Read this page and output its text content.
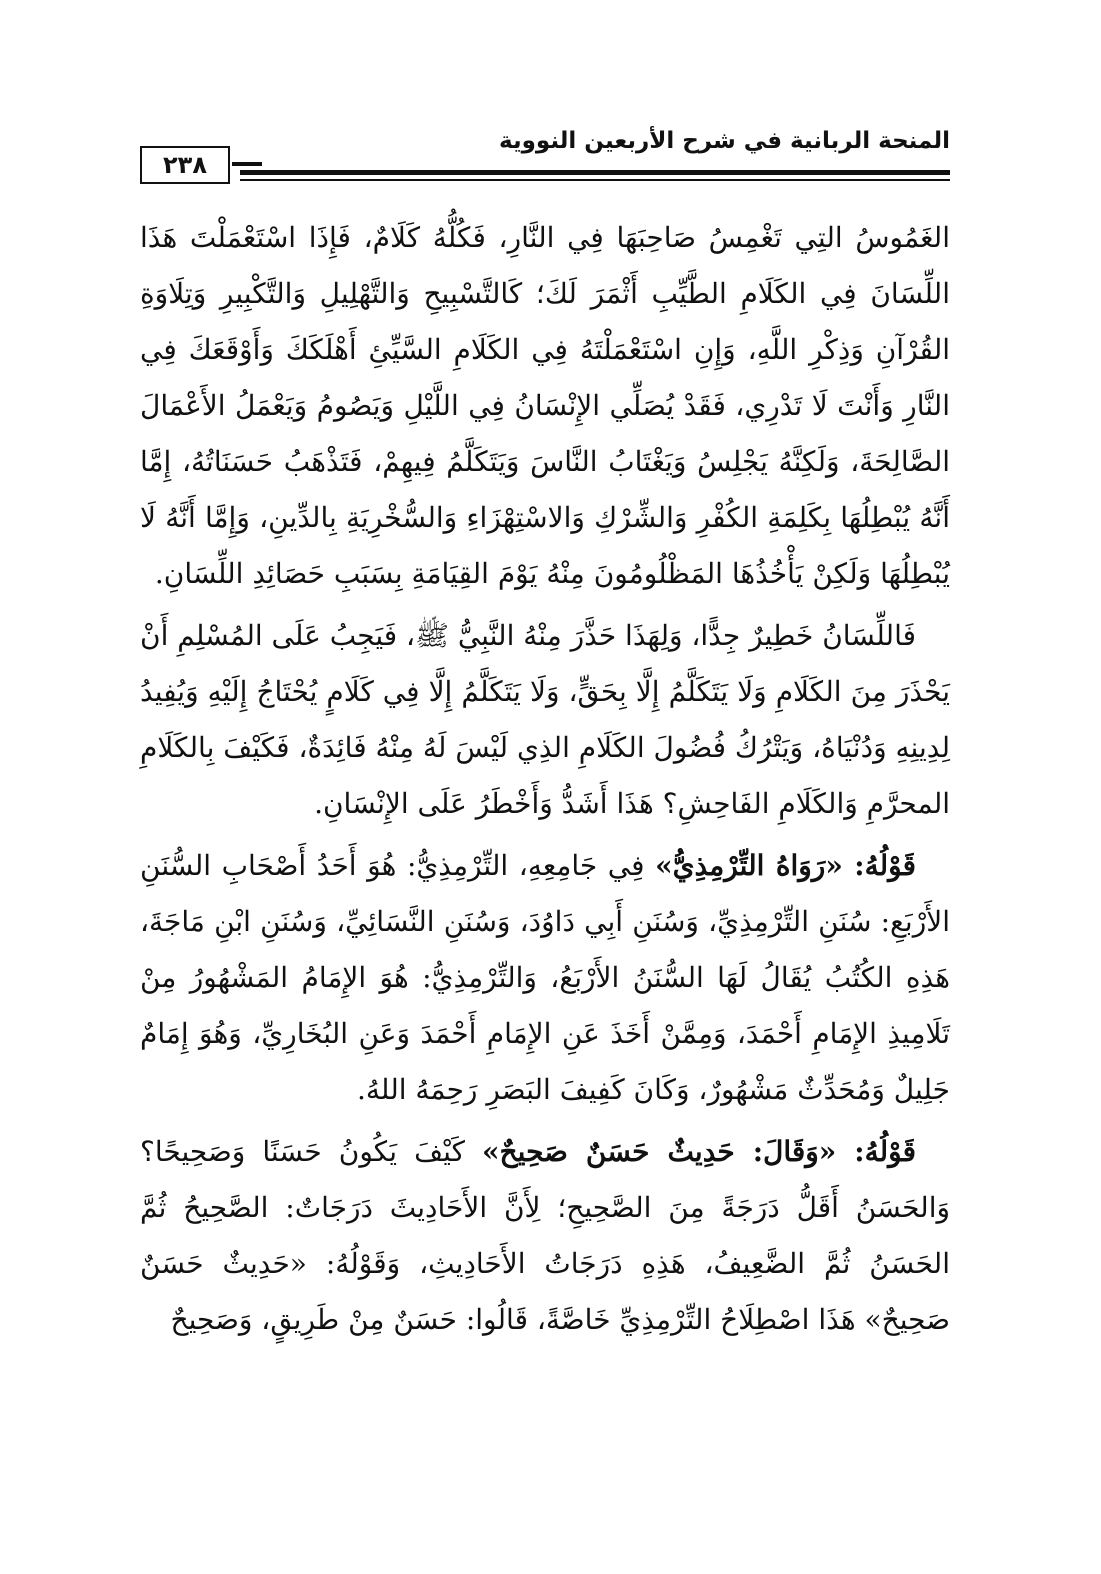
المنحة الربانية في شرح الأربعين النووية
٢٣٨

الغَمُوسُ التِي تَغْمِسُ صَاحِبَهَا فِي النَّارِ، فَكُلُّهُ كَلَامٌ، فَإِذَا اسْتَعْمَلْتَ هَذَا اللِّسَانَ فِي الكَلَامِ الطَّيِّبِ أَثْمَرَ لَكَ؛ كَالتَّسْبِيحِ وَالتَّهْلِيلِ وَالتَّكْبِيرِ وَتِلَاوَةِ القُرْآنِ وَذِكْرِ اللَّهِ، وَإِنِ اسْتَعْمَلْتَهُ فِي الكَلَامِ السَّيِّئِ أَهْلَكَكَ وَأَوْقَعَكَ فِي النَّارِ وَأَنْتَ لَا تَدْرِي، فَقَدْ يُصَلِّي الإِنْسَانُ فِي اللَّيْلِ وَيَصُومُ وَيَعْمَلُ الأَعْمَالَ الصَّالِحَةَ، وَلَكِنَّهُ يَجْلِسُ وَيَغْتَابُ النَّاسَ وَيَتَكَلَّمُ فِيهِمْ، فَتَذْهَبُ حَسَنَاتُهُ، إِمَّا أَنَّهُ يُبْطِلُهَا بِكَلِمَةِ الكُفْرِ وَالشِّرْكِ وَالاسْتِهْزَاءِ وَالسُّخْرِيَةِ بِالدِّينِ، وَإِمَّا أَنَّهُ لَا يُبْطِلُهَا وَلَكِنْ يَأْخُذُهَا المَظْلُومُونَ مِنْهُ يَوْمَ القِيَامَةِ بِسَبَبِ حَصَائِدِ اللِّسَانِ.

فَاللِّسَانُ خَطِيرٌ جِدًّا، وَلِهَذَا حَذَّرَ مِنْهُ النَّبِيُّ ﷺ، فَيَجِبُ عَلَى المُسْلِمِ أَنْ يَحْذَرَ مِنَ الكَلَامِ وَلَا يَتَكَلَّمُ إِلَّا بِحَقٍّ، وَلَا يَتَكَلَّمُ إِلَّا فِي كَلَامٍ يُحْتَاجُ إِلَيْهِ وَيُفِيدُ لِدِينِهِ وَدُنْيَاهُ، وَيَتْرُكُ فُضُولَ الكَلَامِ الذِي لَيْسَ لَهُ مِنْهُ فَائِدَةٌ، فَكَيْفَ بِالكَلَامِ المحرَّمِ وَالكَلَامِ الفَاحِشِ؟ هَذَا أَشَدُّ وَأَخْطَرُ عَلَى الإِنْسَانِ.

قَوْلُهُ: «رَوَاهُ التِّرْمِذِيُّ» فِي جَامِعِهِ، التِّرْمِذِيُّ: هُوَ أَحَدُ أَصْحَابِ السُّنَنِ الأَرْبَعِ: سُنَنِ التِّرْمِذِيِّ، وَسُنَنِ أَبِي دَاوُدَ، وَسُنَنِ النَّسَائِيِّ، وَسُنَنِ ابْنِ مَاجَةَ، هَذِهِ الكُتُبُ يُقَالُ لَهَا السُّنَنُ الأَرْبَعُ، وَالتِّرْمِذِيُّ: هُوَ الإِمَامُ المَشْهُورُ مِنْ تَلَامِيذِ الإِمَامِ أَحْمَدَ، وَمِمَّنْ أَخَذَ عَنِ الإِمَامِ أَحْمَدَ وَعَنِ البُخَارِيِّ، وَهُوَ إِمَامٌ جَلِيلٌ وَمُحَدِّثٌ مَشْهُورٌ، وَكَانَ كَفِيفَ البَصَرِ رَحِمَهُ اللهُ.

قَوْلُهُ: «وَقَالَ: حَدِيثٌ حَسَنٌ صَحِيحٌ» كَيْفَ يَكُونُ حَسَنًا وَصَحِيحًا؟ وَالحَسَنُ أَقَلُّ دَرَجَةً مِنَ الصَّحِيحِ؛ لِأَنَّ الأَحَادِيثَ دَرَجَاتٌ: الصَّحِيحُ ثُمَّ الحَسَنُ ثُمَّ الضَّعِيفُ، هَذِهِ دَرَجَاتُ الأَحَادِيثِ، وَقَوْلُهُ: «حَدِيثٌ حَسَنٌ صَحِيحٌ» هَذَا اصْطِلَاحُ التِّرْمِذِيِّ خَاصَّةً، قَالُوا: حَسَنٌ مِنْ طَرِيقٍ، وَصَحِيحٌ
